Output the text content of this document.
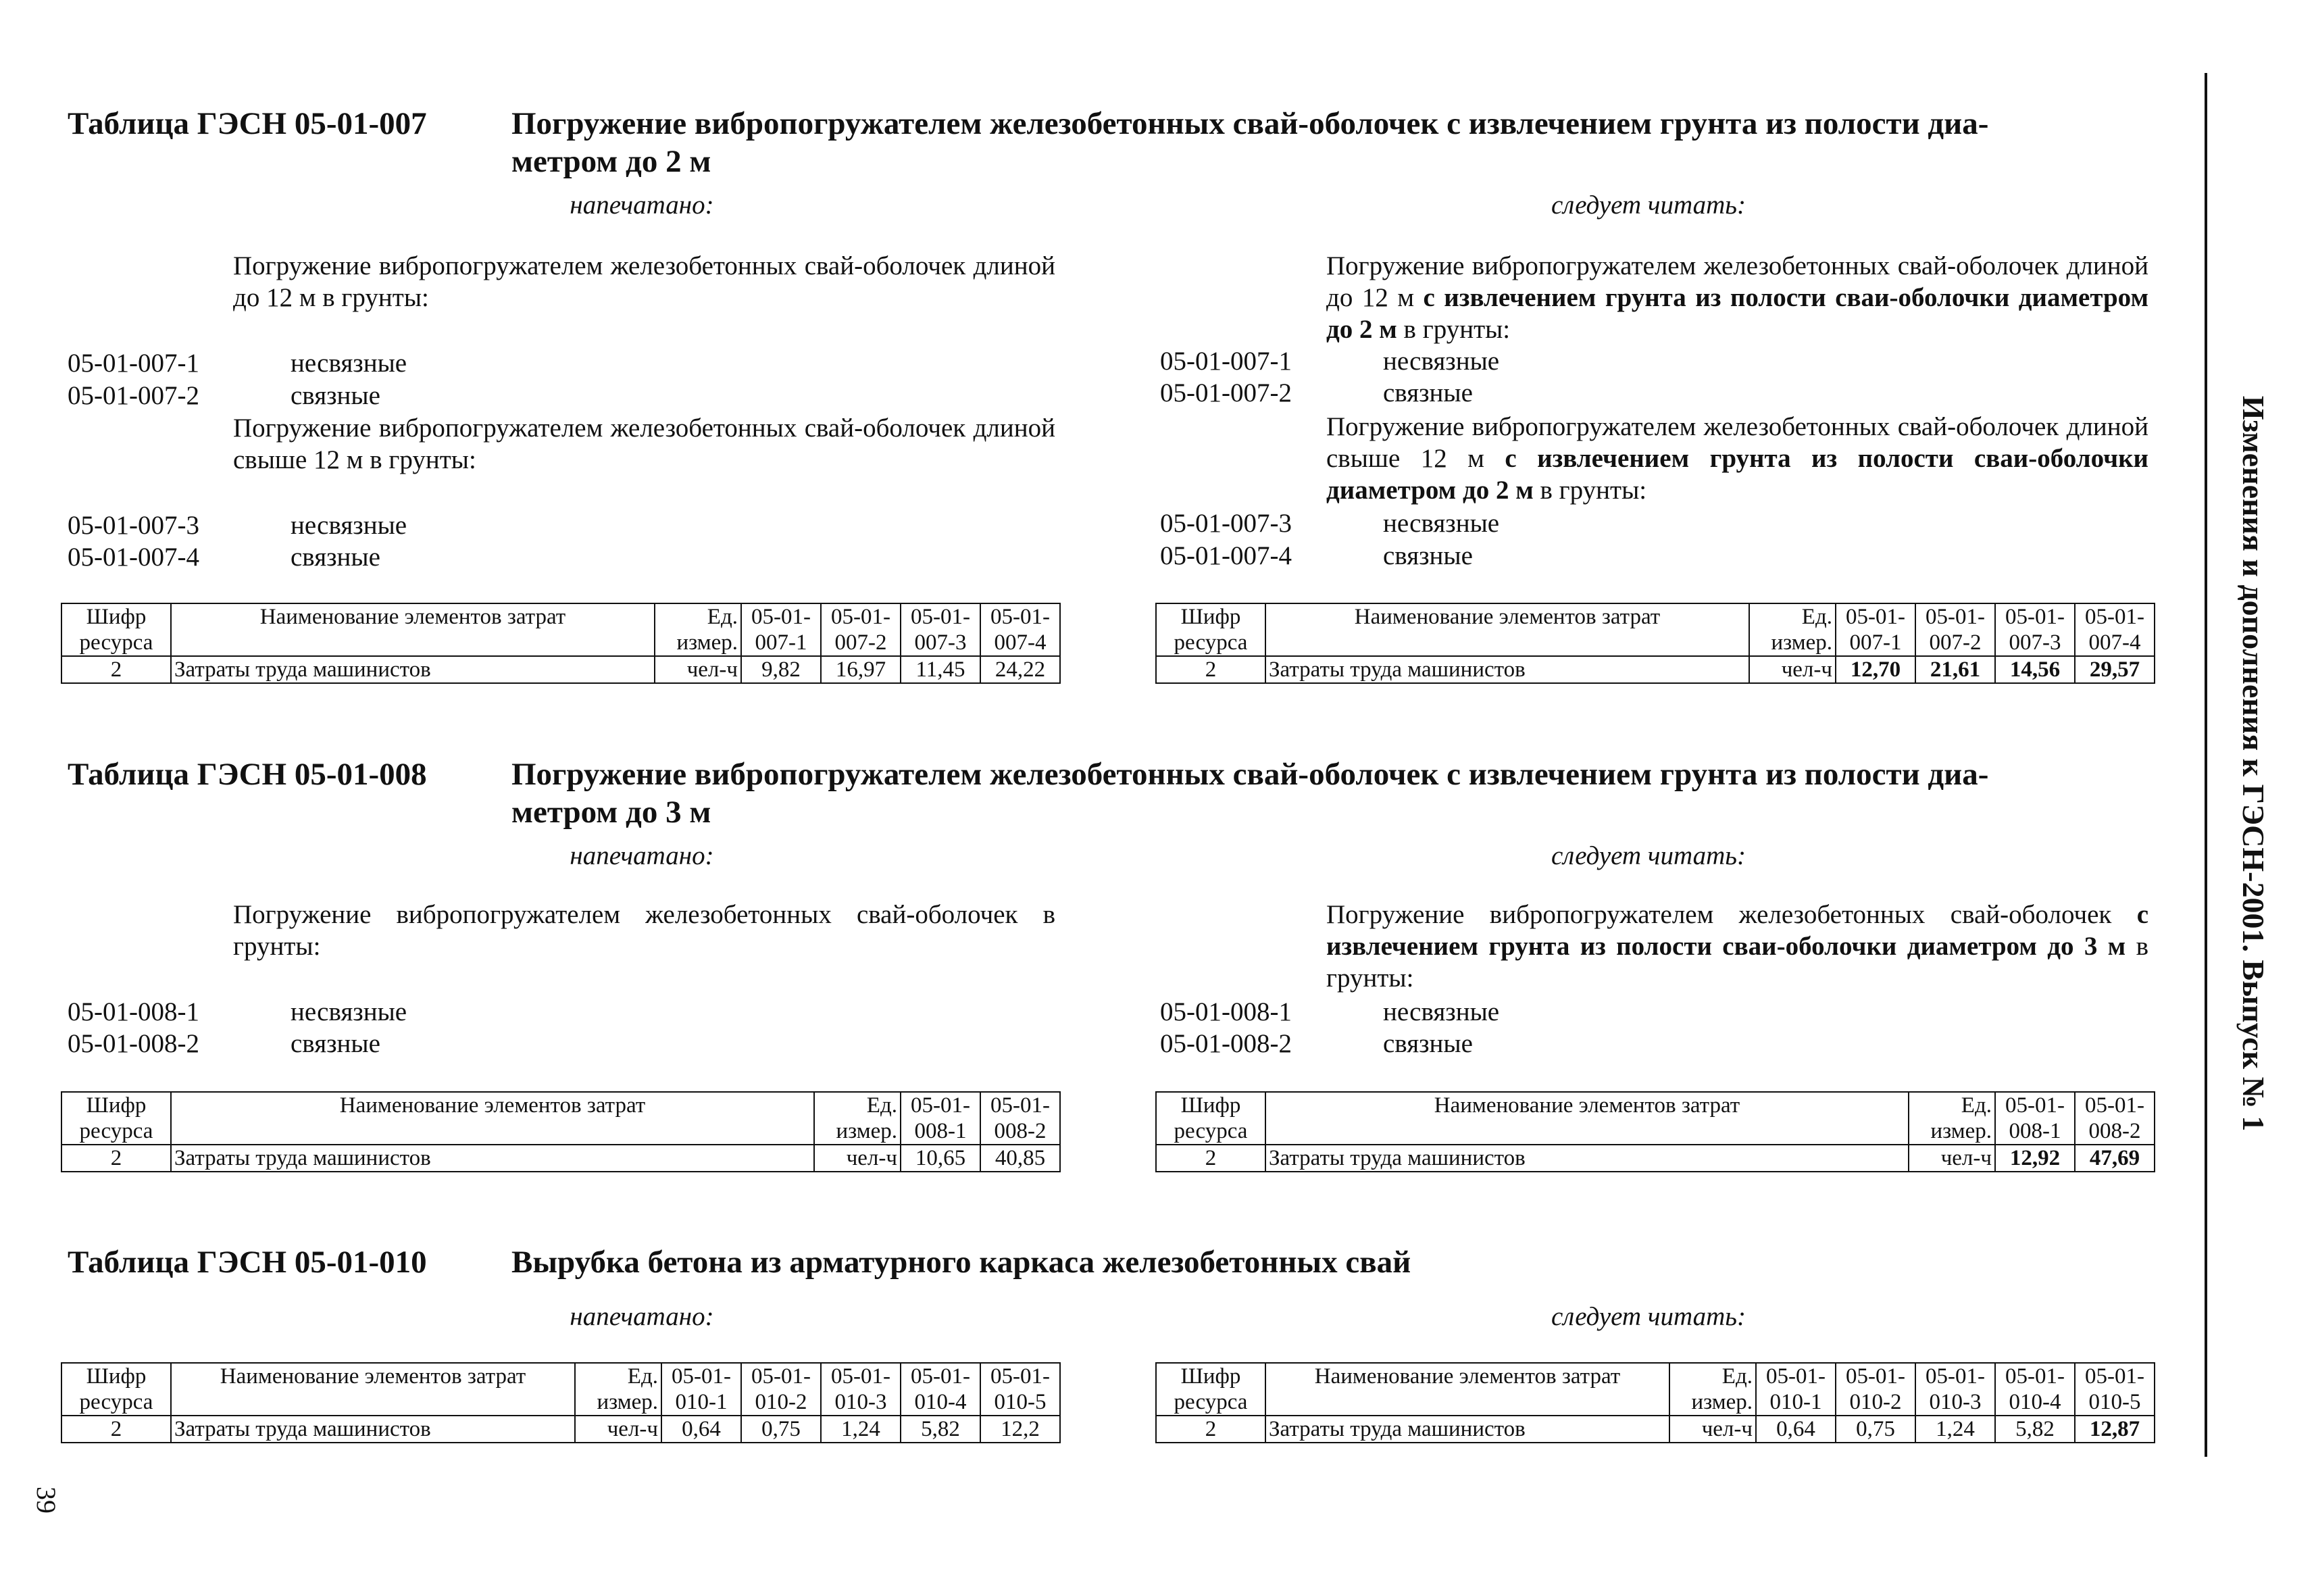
Таблица ГЭСН 05-01-007	Погружение вибропогружателем железобетонных свай-оболочек с извлечением грунта из полости диа-
метром до 2 м
напечатано:	следует читать:
Погружение вибропогружателем железобетонных свай-оболочек длиной до 12 м в грунты:
05-01-007-1	несвязные
05-01-007-2	связные
Погружение вибропогружателем железобетонных свай-оболочек длиной свыше 12 м в грунты:
05-01-007-3	несвязные
05-01-007-4	связные
Погружение вибропогружателем железобетонных свай-оболочек длиной до 12 м с извлечением грунта из полости сваи-оболочки диаметром до 2 м в грунты:
05-01-007-1	несвязные
05-01-007-2	связные
Погружение вибропогружателем железобетонных свай-оболочек длиной свыше 12 м с извлечением грунта из полости сваи-оболочки диаметром до 2 м в грунты:
05-01-007-3	несвязные
05-01-007-4	связные
Шифр	Наименование элементов затрат	Ед.	05-01-	05-01-	05-01-	05-01-
ресурса		измер.	007-1	007-2	007-3	007-4
2	Затраты труда машинистов	чел-ч	9,82	16,97	11,45	24,22
Шифр	Наименование элементов затрат	Ед.	05-01-	05-01-	05-01-	05-01-
ресурса		измер.	007-1	007-2	007-3	007-4
2	Затраты труда машинистов	чел-ч	12,70	21,61	14,56	29,57
Таблица ГЭСН 05-01-008	Погружение вибропогружателем железобетонных свай-оболочек с извлечением грунта из полости диа-
метром до 3 м
напечатано:	следует читать:
Погружение вибропогружателем железобетонных свай-оболочек в грунты:
05-01-008-1	несвязные
05-01-008-2	связные
Погружение вибропогружателем железобетонных свай-оболочек с извлечением грунта из полости сваи-оболочки диаметром до 3 м в грунты:
05-01-008-1	несвязные
05-01-008-2	связные
Шифр	Наименование элементов затрат	Ед.	05-01-	05-01-
ресурса		измер.	008-1	008-2
2	Затраты труда машинистов	чел-ч	10,65	40,85
Шифр	Наименование элементов затрат	Ед.	05-01-	05-01-
ресурса		измер.	008-1	008-2
2	Затраты труда машинистов	чел-ч	12,92	47,69
Таблица ГЭСН 05-01-010	Вырубка бетона из арматурного каркаса железобетонных свай
напечатано:	следует читать:
Шифр	Наименование элементов затрат	Ед.	05-01-	05-01-	05-01-	05-01-	05-01-
ресурса		измер.	010-1	010-2	010-3	010-4	010-5
2	Затраты труда машинистов	чел-ч	0,64	0,75	1,24	5,82	12,2
Шифр	Наименование элементов затрат	Ед.	05-01-	05-01-	05-01-	05-01-	05-01-
ресурса		измер.	010-1	010-2	010-3	010-4	010-5
2	Затраты труда машинистов	чел-ч	0,64	0,75	1,24	5,82	12,87
Изменения и дополнения к ГЭСН-2001. Выпуск № 1
39
